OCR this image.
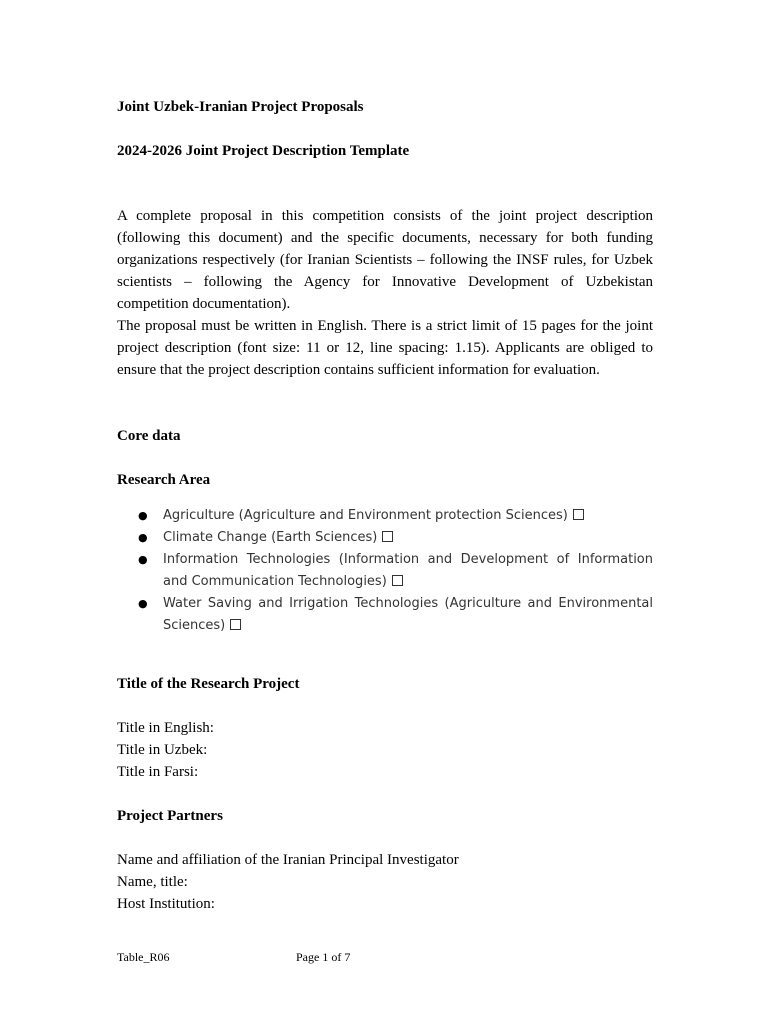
Joint Uzbek-Iranian Project Proposals
2024-2026 Joint Project Description Template

A complete proposal in this competition consists of the joint project description (following this document) and the specific documents, necessary for both funding organizations respectively (for Iranian Scientists – following the INSF rules, for Uzbek scientists – following the Agency for Innovative Development of Uzbekistan competition documentation).

The proposal must be written in English. There is a strict limit of 15 pages for the joint project description (font size: 11 or 12, line spacing: 1.15). Applicants are obliged to ensure that the project description contains sufficient information for evaluation.

Core data

Research Area

● Agriculture (Agriculture and Environment protection Sciences)
● Climate Change (Earth Sciences)
● Information Technologies (Information and Development of Information and Communication Technologies)
● Water Saving and Irrigation Technologies (Agriculture and Environmental Sciences)

Title of the Research Project

Title in English:

Title in Uzbek:

Title in Farsi:

Project Partners

Name and affiliation of the Iranian Principal Investigator

Name, title:

Host Institution:

Table_R06	Page 1 of 7
